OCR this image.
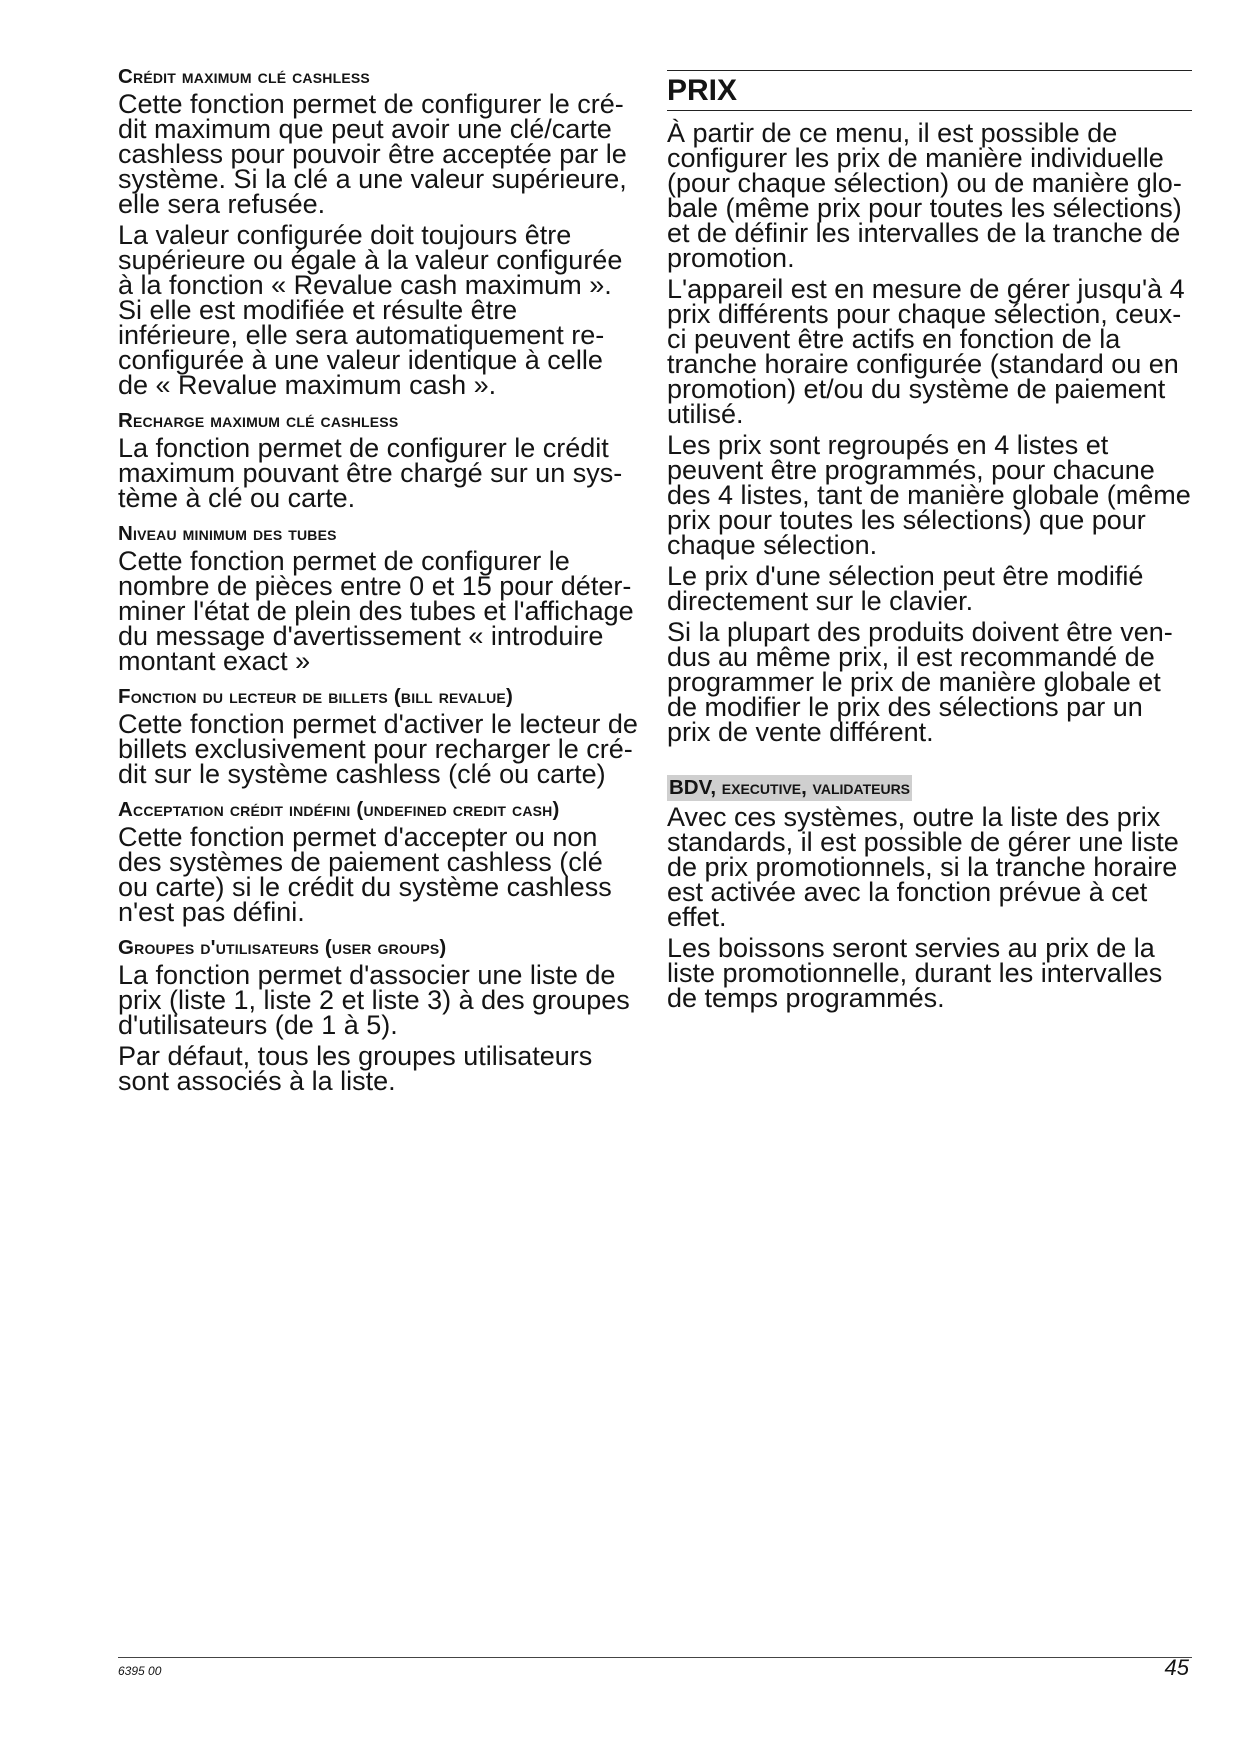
Crédit maximum clé cashless

Cette fonction permet de configurer le cré-dit maximum que peut avoir une clé/carte cashless pour pouvoir être acceptée par le système. Si la clé a une valeur supérieure, elle sera refusée.

La valeur configurée doit toujours être supérieure ou égale à la valeur configurée à la fonction « Revalue cash maximum ». Si elle est modifiée et résulte être inférieure, elle sera automatiquement re-configurée à une valeur identique à celle de « Revalue maximum cash ».

Recharge maximum clé cashless

La fonction permet de configurer le crédit maximum pouvant être chargé sur un sys-tème à clé ou carte.

Niveau minimum des tubes

Cette fonction permet de configurer le nombre de pièces entre 0 et 15 pour déter-miner l'état de plein des tubes et l'affichage du message d'avertissement « introduire montant exact »

Fonction du lecteur de billets (bill revalue)

Cette fonction permet d'activer le lecteur de billets exclusivement pour recharger le cré-dit sur le système cashless (clé ou carte)

Acceptation crédit indéfini (undefined credit cash)

Cette fonction permet d'accepter ou non des systèmes de paiement cashless (clé ou carte) si le crédit du système cashless n'est pas défini.

Groupes d'utilisateurs (user groups)

La fonction permet d'associer une liste de prix (liste 1, liste 2 et liste 3) à des groupes d'utilisateurs (de 1 à 5).

Par défaut, tous les groupes utilisateurs sont associés à la liste.

PRIX

À partir de ce menu, il est possible de configurer les prix de manière individuelle (pour chaque sélection) ou de manière glo-bale (même prix pour toutes les sélections) et de définir les intervalles de la tranche de promotion.

L'appareil est en mesure de gérer jusqu'à 4 prix différents pour chaque sélection, ceux-ci peuvent être actifs en fonction de la tranche horaire configurée (standard ou en promotion) et/ou du système de paiement utilisé.

Les prix sont regroupés en 4 listes et peuvent être programmés, pour chacune des 4 listes, tant de manière globale (même prix pour toutes les sélections) que pour chaque sélection.

Le prix d'une sélection peut être modifié directement sur le clavier.

Si la plupart des produits doivent être ven-dus au même prix, il est recommandé de programmer le prix de manière globale et de modifier le prix des sélections par un prix de vente différent.

BDV, executive, validateurs

Avec ces systèmes, outre la liste des prix standards, il est possible de gérer une liste de prix promotionnels, si la tranche horaire est activée avec la fonction prévue à cet effet.

Les boissons seront servies au prix de la liste promotionnelle, durant les intervalles de temps programmés.

6395 00	45
